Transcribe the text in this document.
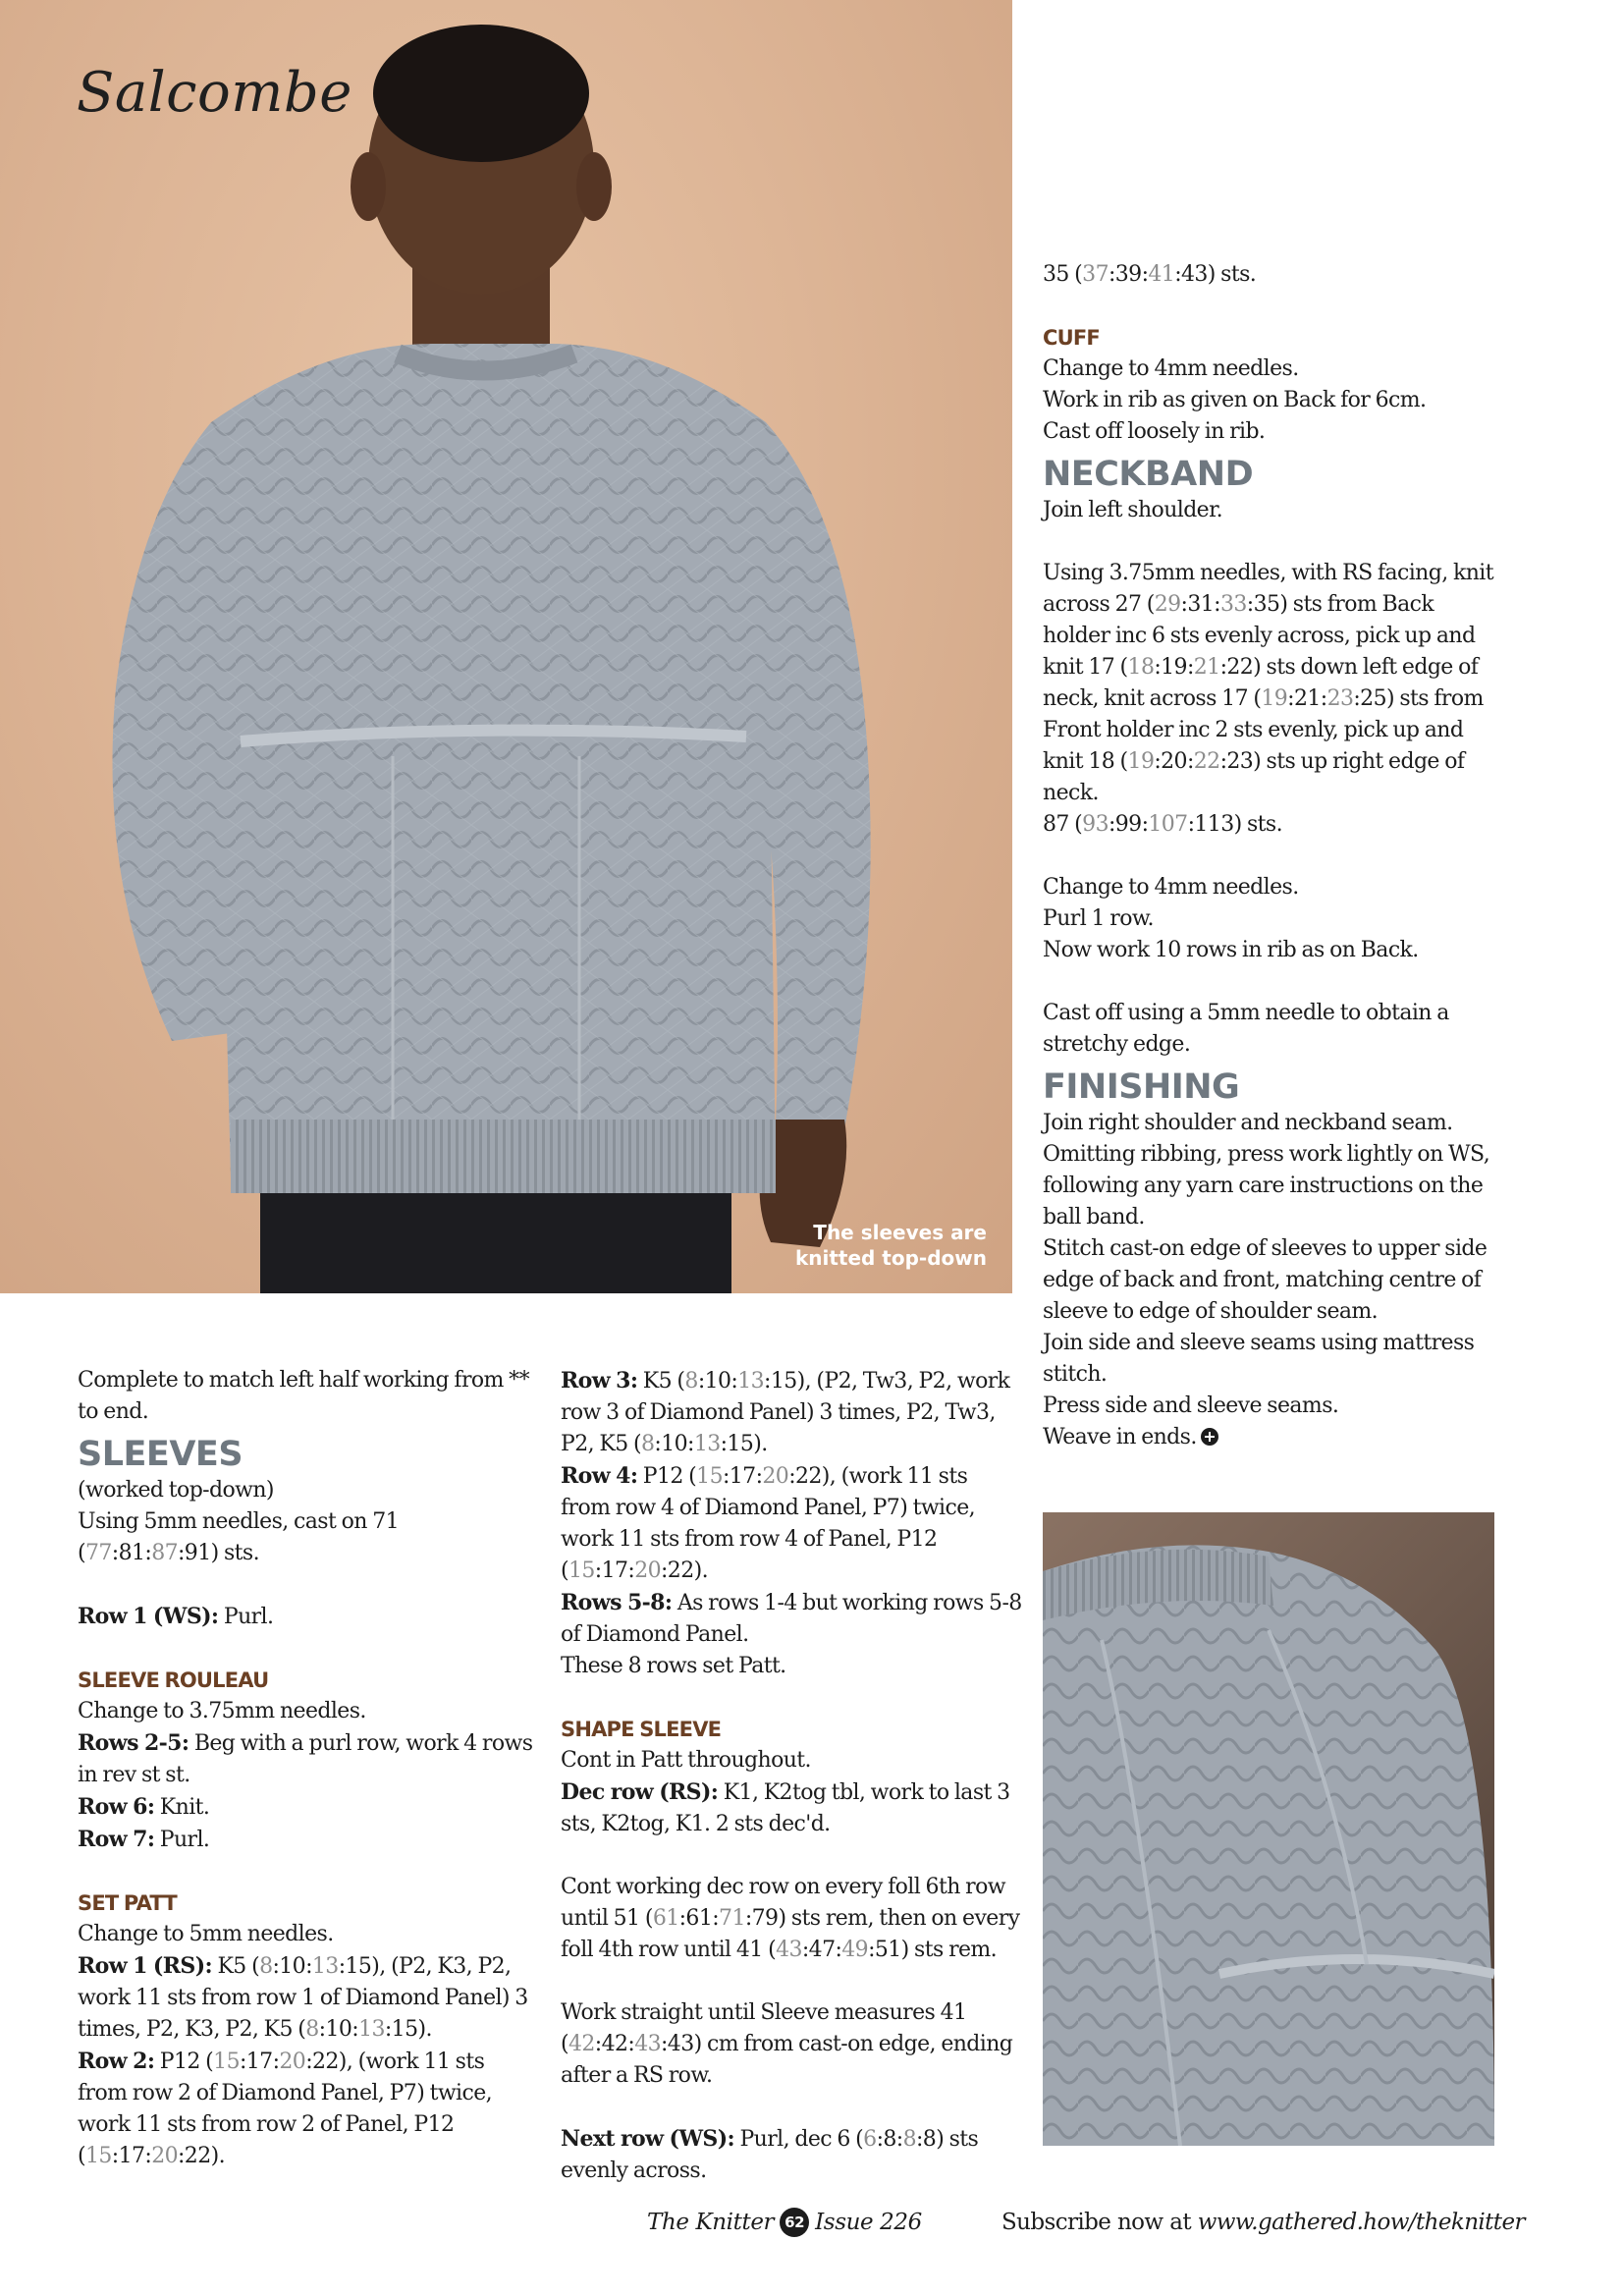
Salcombe
The sleeves are knitted top-down

Complete to match left half working from ** to end.

SLEEVES

(worked top-down)

Using 5mm needles, cast on 71 (77:81:87:91) sts.

Row 1 (WS): Purl.

SLEEVE ROULEAU

Change to 3.75mm needles.

Rows 2-5: Beg with a purl row, work 4 rows in rev st st.

Row 6: Knit.

Row 7: Purl.

SET PATT

Change to 5mm needles.

Row 1 (RS): K5 (8:10:13:15), (P2, K3, P2, work 11 sts from row 1 of Diamond Panel) 3 times, P2, K3, P2, K5 (8:10:13:15).

Row 2: P12 (15:17:20:22), (work 11 sts from row 2 of Diamond Panel, P7) twice, work 11 sts from row 2 of Panel, P12 (15:17:20:22).

Row 3: K5 (8:10:13:15), (P2, Tw3, P2, work row 3 of Diamond Panel) 3 times, P2, Tw3, P2, K5 (8:10:13:15).

Row 4: P12 (15:17:20:22), (work 11 sts from row 4 of Diamond Panel, P7) twice, work 11 sts from row 4 of Panel, P12 (15:17:20:22).

Rows 5-8: As rows 1-4 but working rows 5-8 of Diamond Panel.

These 8 rows set Patt.

SHAPE SLEEVE

Cont in Patt throughout.

Dec row (RS): K1, K2tog tbl, work to last 3 sts, K2tog, K1. 2 sts dec'd.

Cont working dec row on every foll 6th row until 51 (61:61:71:79) sts rem, then on every foll 4th row until 41 (43:47:49:51) sts rem.

Work straight until Sleeve measures 41 (42:42:43:43) cm from cast-on edge, ending after a RS row.

Next row (WS): Purl, dec 6 (6:8:8:8) sts evenly across.

35 (37:39:41:43) sts.

CUFF

Change to 4mm needles.

Work in rib as given on Back for 6cm.

Cast off loosely in rib.

NECKBAND

Join left shoulder.

Using 3.75mm needles, with RS facing, knit across 27 (29:31:33:35) sts from Back holder inc 6 sts evenly across, pick up and knit 17 (18:19:21:22) sts down left edge of neck, knit across 17 (19:21:23:25) sts from Front holder inc 2 sts evenly, pick up and knit 18 (19:20:22:23) sts up right edge of neck.

87 (93:99:107:113) sts.

Change to 4mm needles.

Purl 1 row.

Now work 10 rows in rib as on Back.

Cast off using a 5mm needle to obtain a stretchy edge.

FINISHING

Join right shoulder and neckband seam.

Omitting ribbing, press work lightly on WS, following any yarn care instructions on the ball band.

Stitch cast-on edge of sleeves to upper side edge of back and front, matching centre of sleeve to edge of shoulder seam.

Join side and sleeve seams using mattress stitch.

Press side and sleeve seams.

Weave in ends.

The Knitter 62 Issue 226	Subscribe now at www.gathered.how/theknitter
